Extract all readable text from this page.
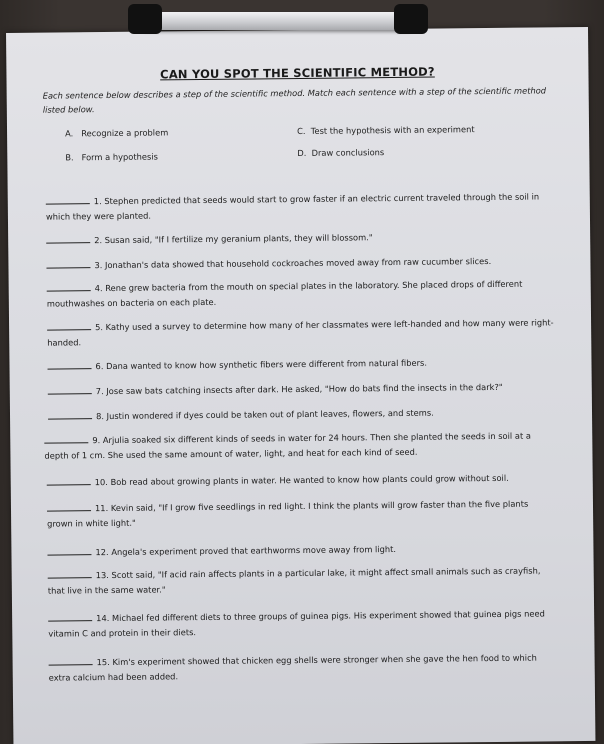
CAN YOU SPOT THE SCIENTIFIC METHOD?
Each sentence below describes a step of the scientific method. Match each sentence with a step of the scientific method listed below.
A. Recognize a problem	C. Test the hypothesis with an experiment
B. Form a hypothesis	D. Draw conclusions
1. Stephen predicted that seeds would start to grow faster if an electric current traveled through the soil in which they were planted.
2. Susan said, "If I fertilize my geranium plants, they will blossom."
3. Jonathan's data showed that household cockroaches moved away from raw cucumber slices.
4. Rene grew bacteria from the mouth on special plates in the laboratory. She placed drops of different mouthwashes on bacteria on each plate.
5. Kathy used a survey to determine how many of her classmates were left-handed and how many were right-handed.
6. Dana wanted to know how synthetic fibers were different from natural fibers.
7. Jose saw bats catching insects after dark. He asked, "How do bats find the insects in the dark?"
8. Justin wondered if dyes could be taken out of plant leaves, flowers, and stems.
9. Arjulia soaked six different kinds of seeds in water for 24 hours. Then she planted the seeds in soil at a depth of 1 cm. She used the same amount of water, light, and heat for each kind of seed.
10. Bob read about growing plants in water. He wanted to know how plants could grow without soil.
11. Kevin said, "If I grow five seedlings in red light. I think the plants will grow faster than the five plants grown in white light."
12. Angela's experiment proved that earthworms move away from light.
13. Scott said, "If acid rain affects plants in a particular lake, it might affect small animals such as crayfish, that live in the same water."
14. Michael fed different diets to three groups of guinea pigs. His experiment showed that guinea pigs need vitamin C and protein in their diets.
15. Kim's experiment showed that chicken egg shells were stronger when she gave the hen food to which extra calcium had been added.
